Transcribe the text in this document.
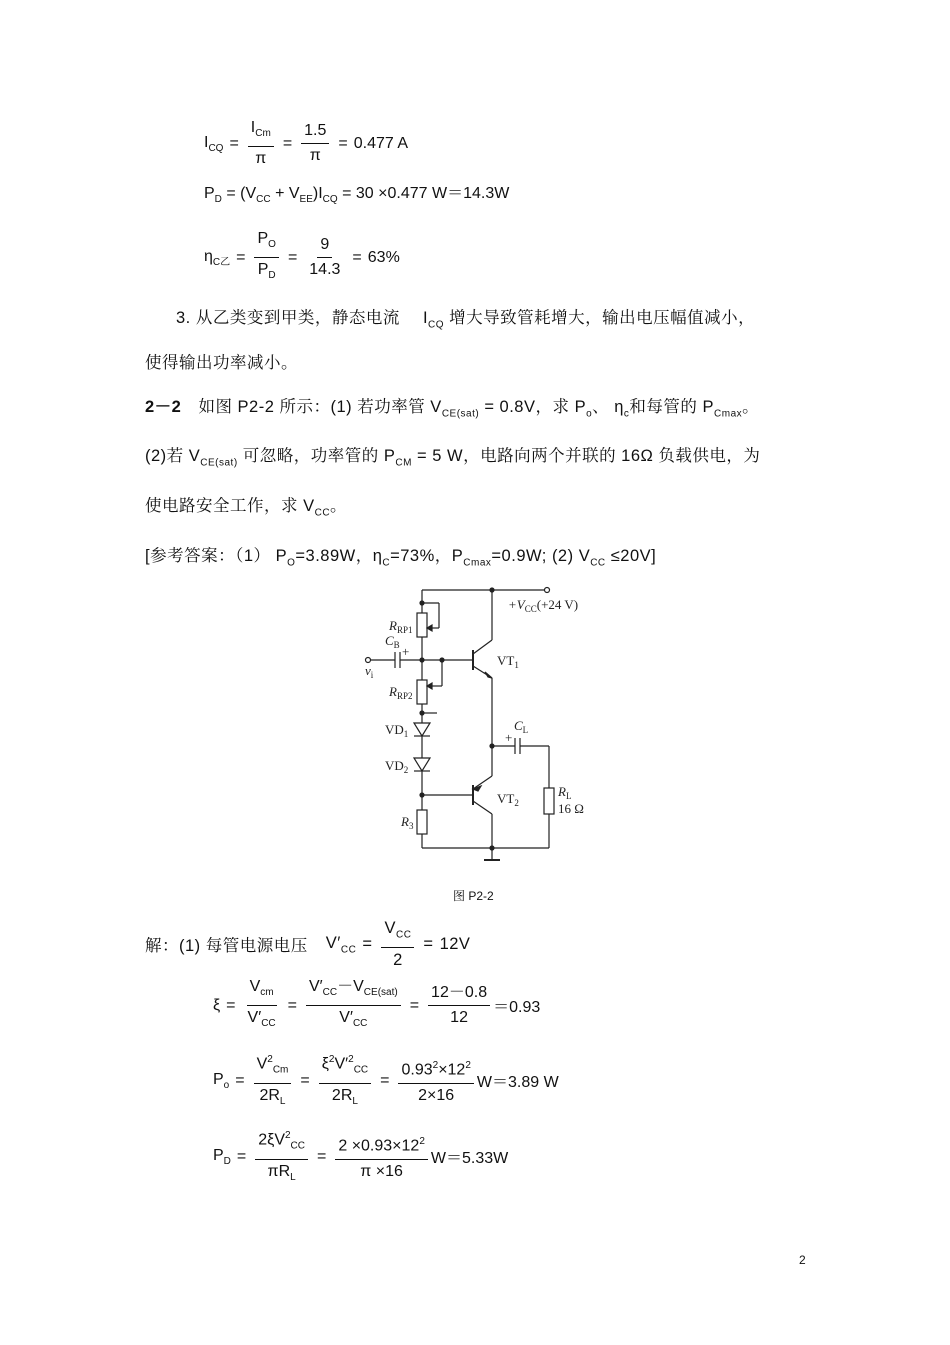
$I_{CQ} = \frac{I_{Cm}}{\pi} = \frac{1.5}{\pi} = 0.477$ A
$P_D = (V_{CC} + V_{EE})I_{CQ} = 30 \times 0.477$ W＝14.3W
$\eta_{C乙} = \frac{P_O}{P_D} = \frac{9}{14.3} = 63\%$
3. 从乙类变到甲类，静态电流 $I_{CQ}$ 增大导致管耗增大，输出电压幅值减小，
使得输出功率减小。
2－2 如图 P2-2 所示：(1) 若功率管 $V_{CE(sat)} = 0.8V$，求 $P_o$、 $\eta_c$和每管的 $P_{Cmax}$。
(2)若 $V_{CE(sat)}$ 可忽略，功率管的 $P_{CM} = 5$ W，电路向两个并联的 16Ω 负载供电，为
使电路安全工作，求 $V_{CC}$。
[参考答案：（1） $P_O=3.89W$，$\eta_C=73\%$，$P_{Cmax}=0.9W$; (2) $V_{CC} \le 20V$]
$+V_{CC}(+24$ V)
$R_{RP1}$
$C_B$ +
$v_i$
$VT_1$
$R_{RP2}$
$VD_1$
$VD_2$
$C_L$
+
$VT_2$
$R_L$
16 Ω
$R_3$
图 P2-2
解：(1) 每管电源电压 $V'_{CC} = \frac{V_{CC}}{2} = 12V$
$\xi = \frac{V_{cm}}{V'_{CC}} = \frac{V'_{CC}-V_{CE(sat)}}{V'_{CC}} = \frac{12-0.8}{12} =0.93$
$P_o = \frac{V^2_{Cm}}{2R_L} = \frac{\xi^2V'^2_{CC}}{2R_L} = \frac{0.93^2\times 12^2}{2\times 16} W=3.89$ W
$P_D = \frac{2\xi V^2_{CC}}{\pi R_L} = \frac{2 \times 0.93\times 12^2}{\pi \times 16} W=5.33W$
2
